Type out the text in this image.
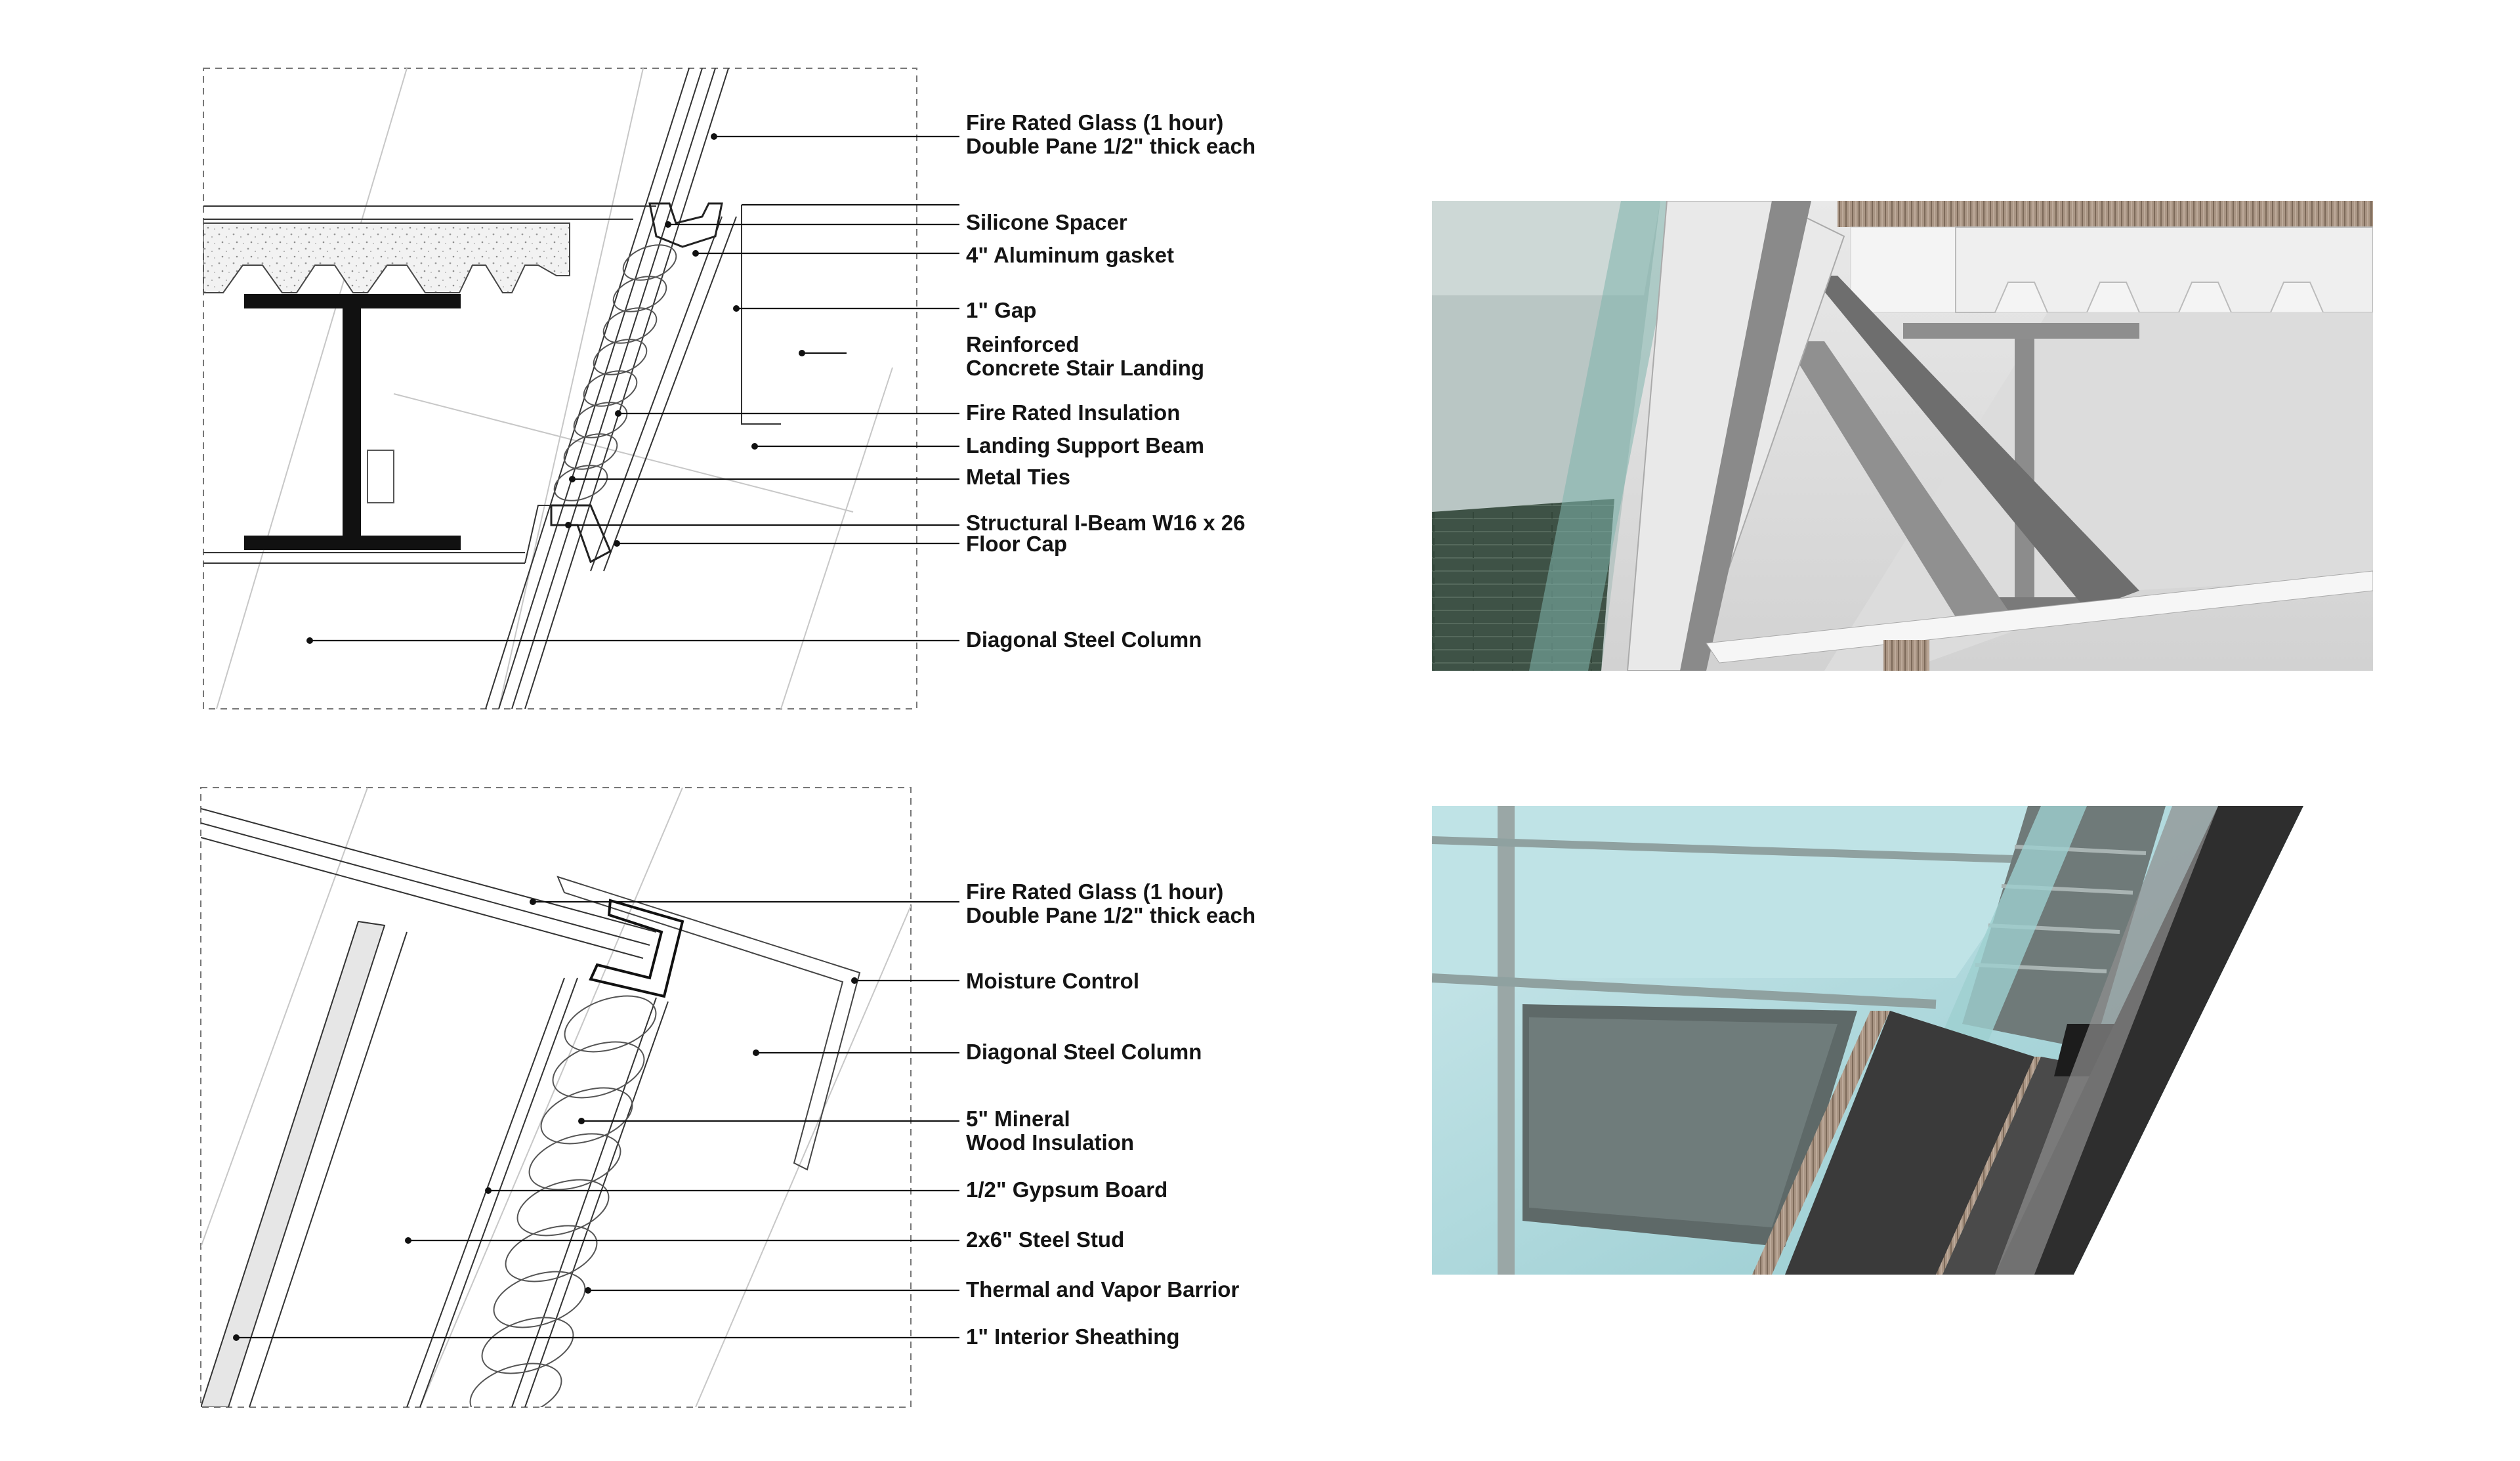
Fire Rated Glass (1 hour)
Double Pane 1/2" thick each
Silicone Spacer
4" Aluminum gasket
1" Gap
Reinforced
Concrete Stair Landing
Fire Rated Insulation
Landing Support Beam
Metal Ties
Structural I-Beam W16 x 26
Floor Cap
Diagonal Steel Column
Fire Rated Glass (1 hour)
Double Pane 1/2" thick each
Moisture Control
Diagonal Steel Column
5" Mineral
Wood Insulation
1/2" Gypsum Board
2x6" Steel Stud
Thermal and Vapor Barrior
1" Interior Sheathing
